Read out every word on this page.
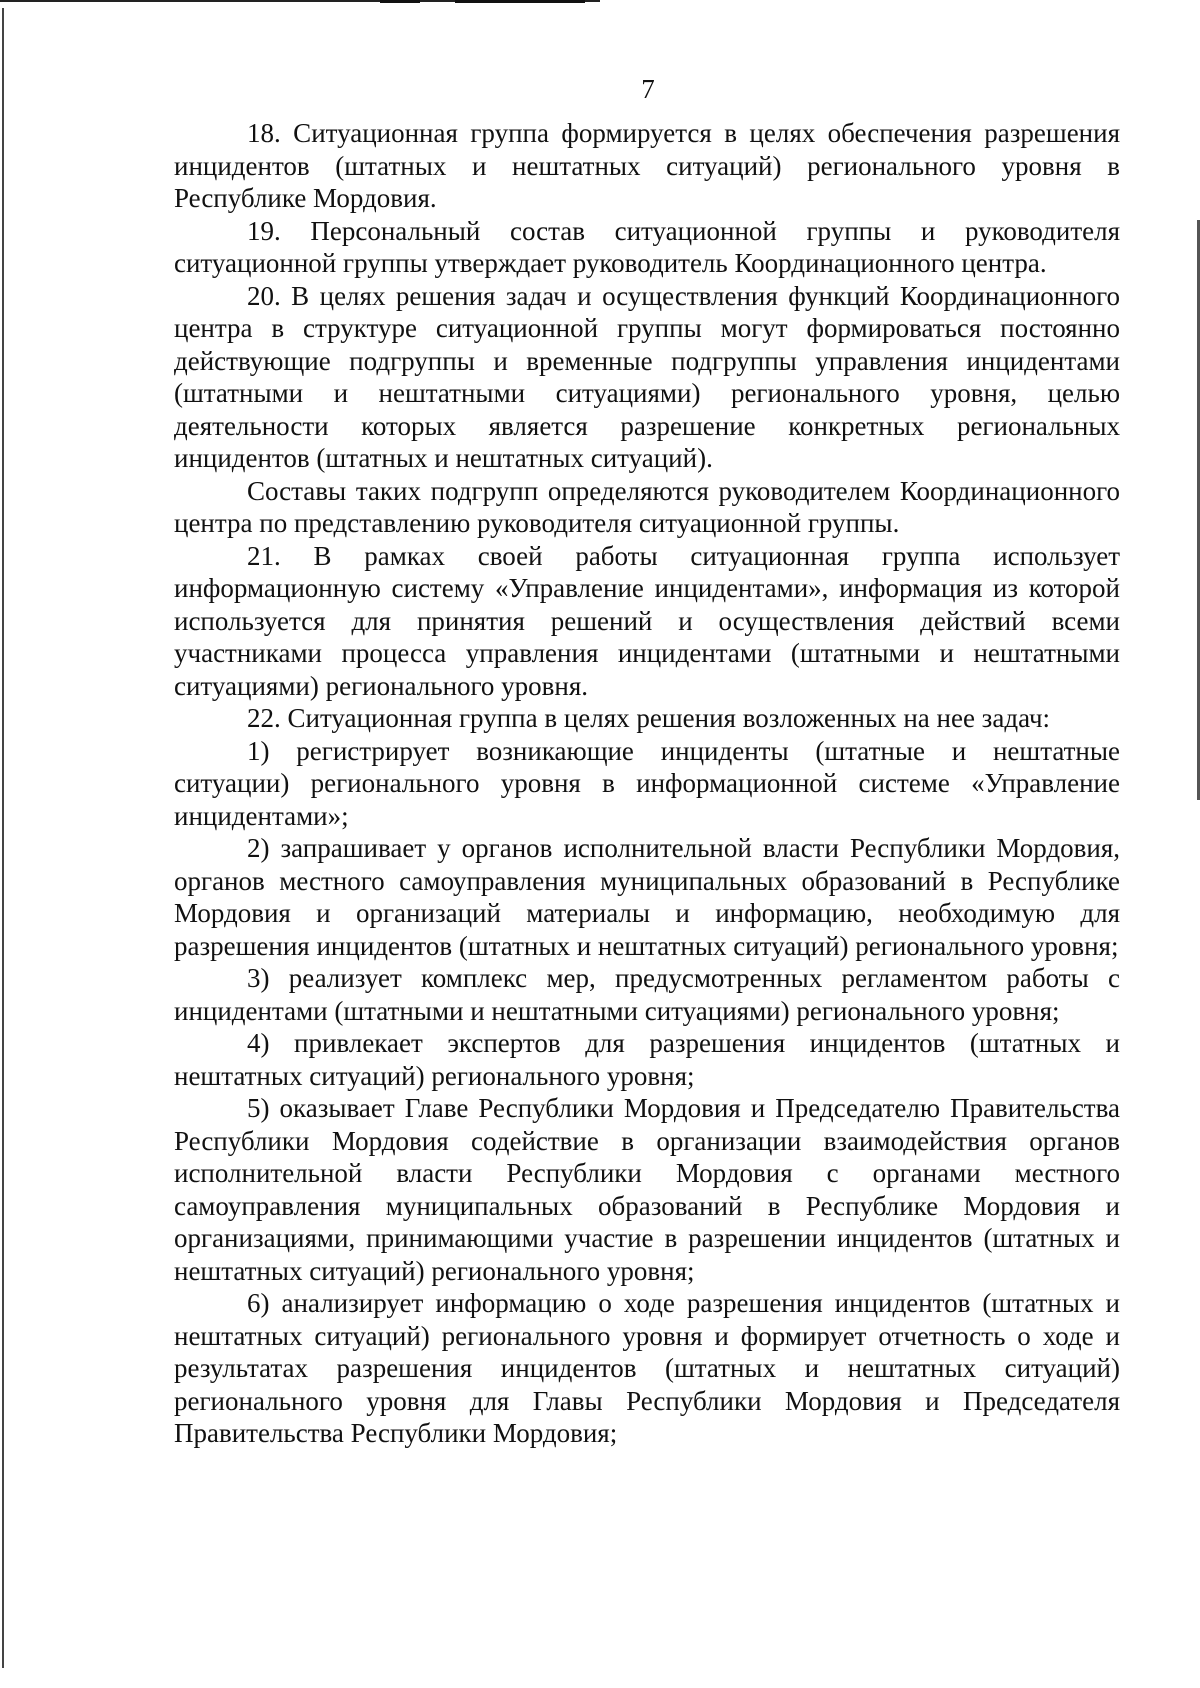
7

18. Ситуационная группа формируется в целях обеспечения разрешения инцидентов (штатных и нештатных ситуаций) регионального уровня в Республике Мордовия.

19. Персональный состав ситуационной группы и руководителя ситуационной группы утверждает руководитель Координационного центра.

20. В целях решения задач и осуществления функций Координационного центра в структуре ситуационной группы могут формироваться постоянно действующие подгруппы и временные подгруппы управления инцидентами (штатными и нештатными ситуациями) регионального уровня, целью деятельности которых является разрешение конкретных региональных инцидентов (штатных и нештатных ситуаций).

Составы таких подгрупп определяются руководителем Координационного центра по представлению руководителя ситуационной группы.

21. В рамках своей работы ситуационная группа использует информационную систему «Управление инцидентами», информация из которой используется для принятия решений и осуществления действий всеми участниками процесса управления инцидентами (штатными и нештатными ситуациями) регионального уровня.

22. Ситуационная группа в целях решения возложенных на нее задач:

1) регистрирует возникающие инциденты (штатные и нештатные ситуации) регионального уровня в информационной системе «Управление инцидентами»;

2) запрашивает у органов исполнительной власти Республики Мордовия, органов местного самоуправления муниципальных образований в Республике Мордовия и организаций материалы и информацию, необходимую для разрешения инцидентов (штатных и нештатных ситуаций) регионального уровня;

3) реализует комплекс мер, предусмотренных регламентом работы с инцидентами (штатными и нештатными ситуациями) регионального уровня;

4) привлекает экспертов для разрешения инцидентов (штатных и нештатных ситуаций) регионального уровня;

5) оказывает Главе Республики Мордовия и Председателю Правительства Республики Мордовия содействие в организации взаимодействия органов исполнительной власти Республики Мордовия с органами местного самоуправления муниципальных образований в Республике Мордовия и организациями, принимающими участие в разрешении инцидентов (штатных и нештатных ситуаций) регионального уровня;

6) анализирует информацию о ходе разрешения инцидентов (штатных и нештатных ситуаций) регионального уровня и формирует отчетность о ходе и результатах разрешения инцидентов (штатных и нештатных ситуаций) регионального уровня для Главы Республики Мордовия и Председателя Правительства Республики Мордовия;
